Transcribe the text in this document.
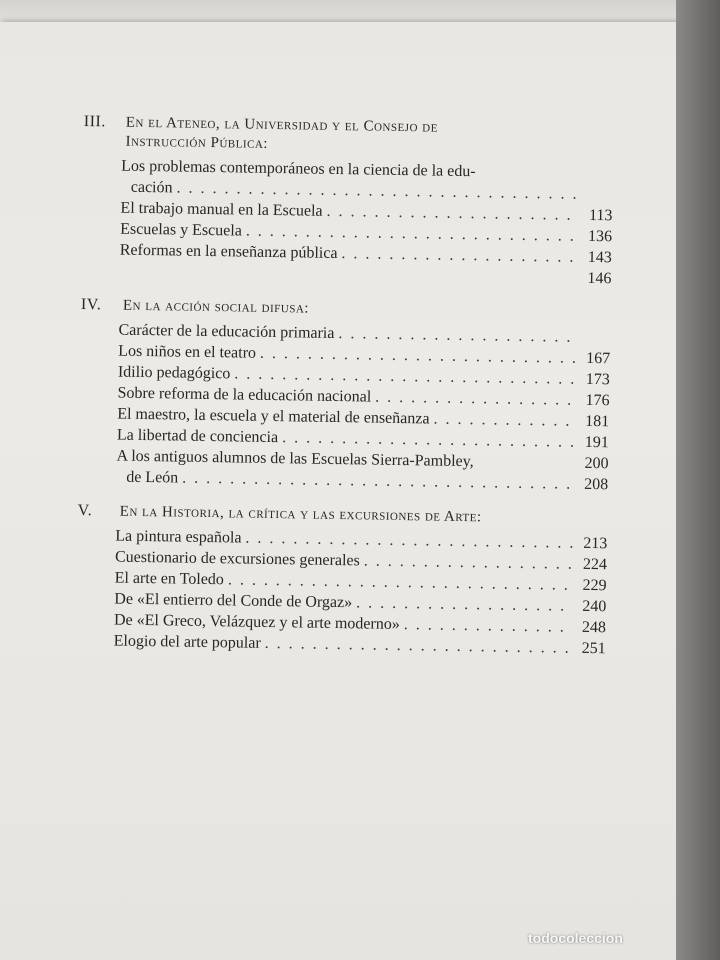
III. En el Ateneo, la Universidad y el Consejo de
Instrucción Pública:
Los problemas contemporáneos en la ciencia de la edu-
cación
. . .
El trabajo manual en la Escuela . . .	113
Escuelas y Escuela . . .	136
Reformas en la enseñanza pública . . .	143
146
IV. En la acción social difusa:
Carácter de la educación primaria
. . .
Los niños en el teatro . . .	167
Idilio pedagógico . . .	173
Sobre reforma de la educación nacional . . .	176
El maestro, la escuela y el material de enseñanza . . .	181
La libertad de conciencia . . .	191
A los antiguos alumnos de las Escuelas Sierra-Pambley,	200
de León . . .	208
V. En la Historia, la crítica y las excursiones de Arte:
La pintura española . . .	213
Cuestionario de excursiones generales . . .	224
El arte en Toledo . . .	229
De «El entierro del Conde de Orgaz» . . .	240
De «El Greco, Velázquez y el arte moderno» . . .	248
Elogio del arte popular . . .	251
todocoleccion
